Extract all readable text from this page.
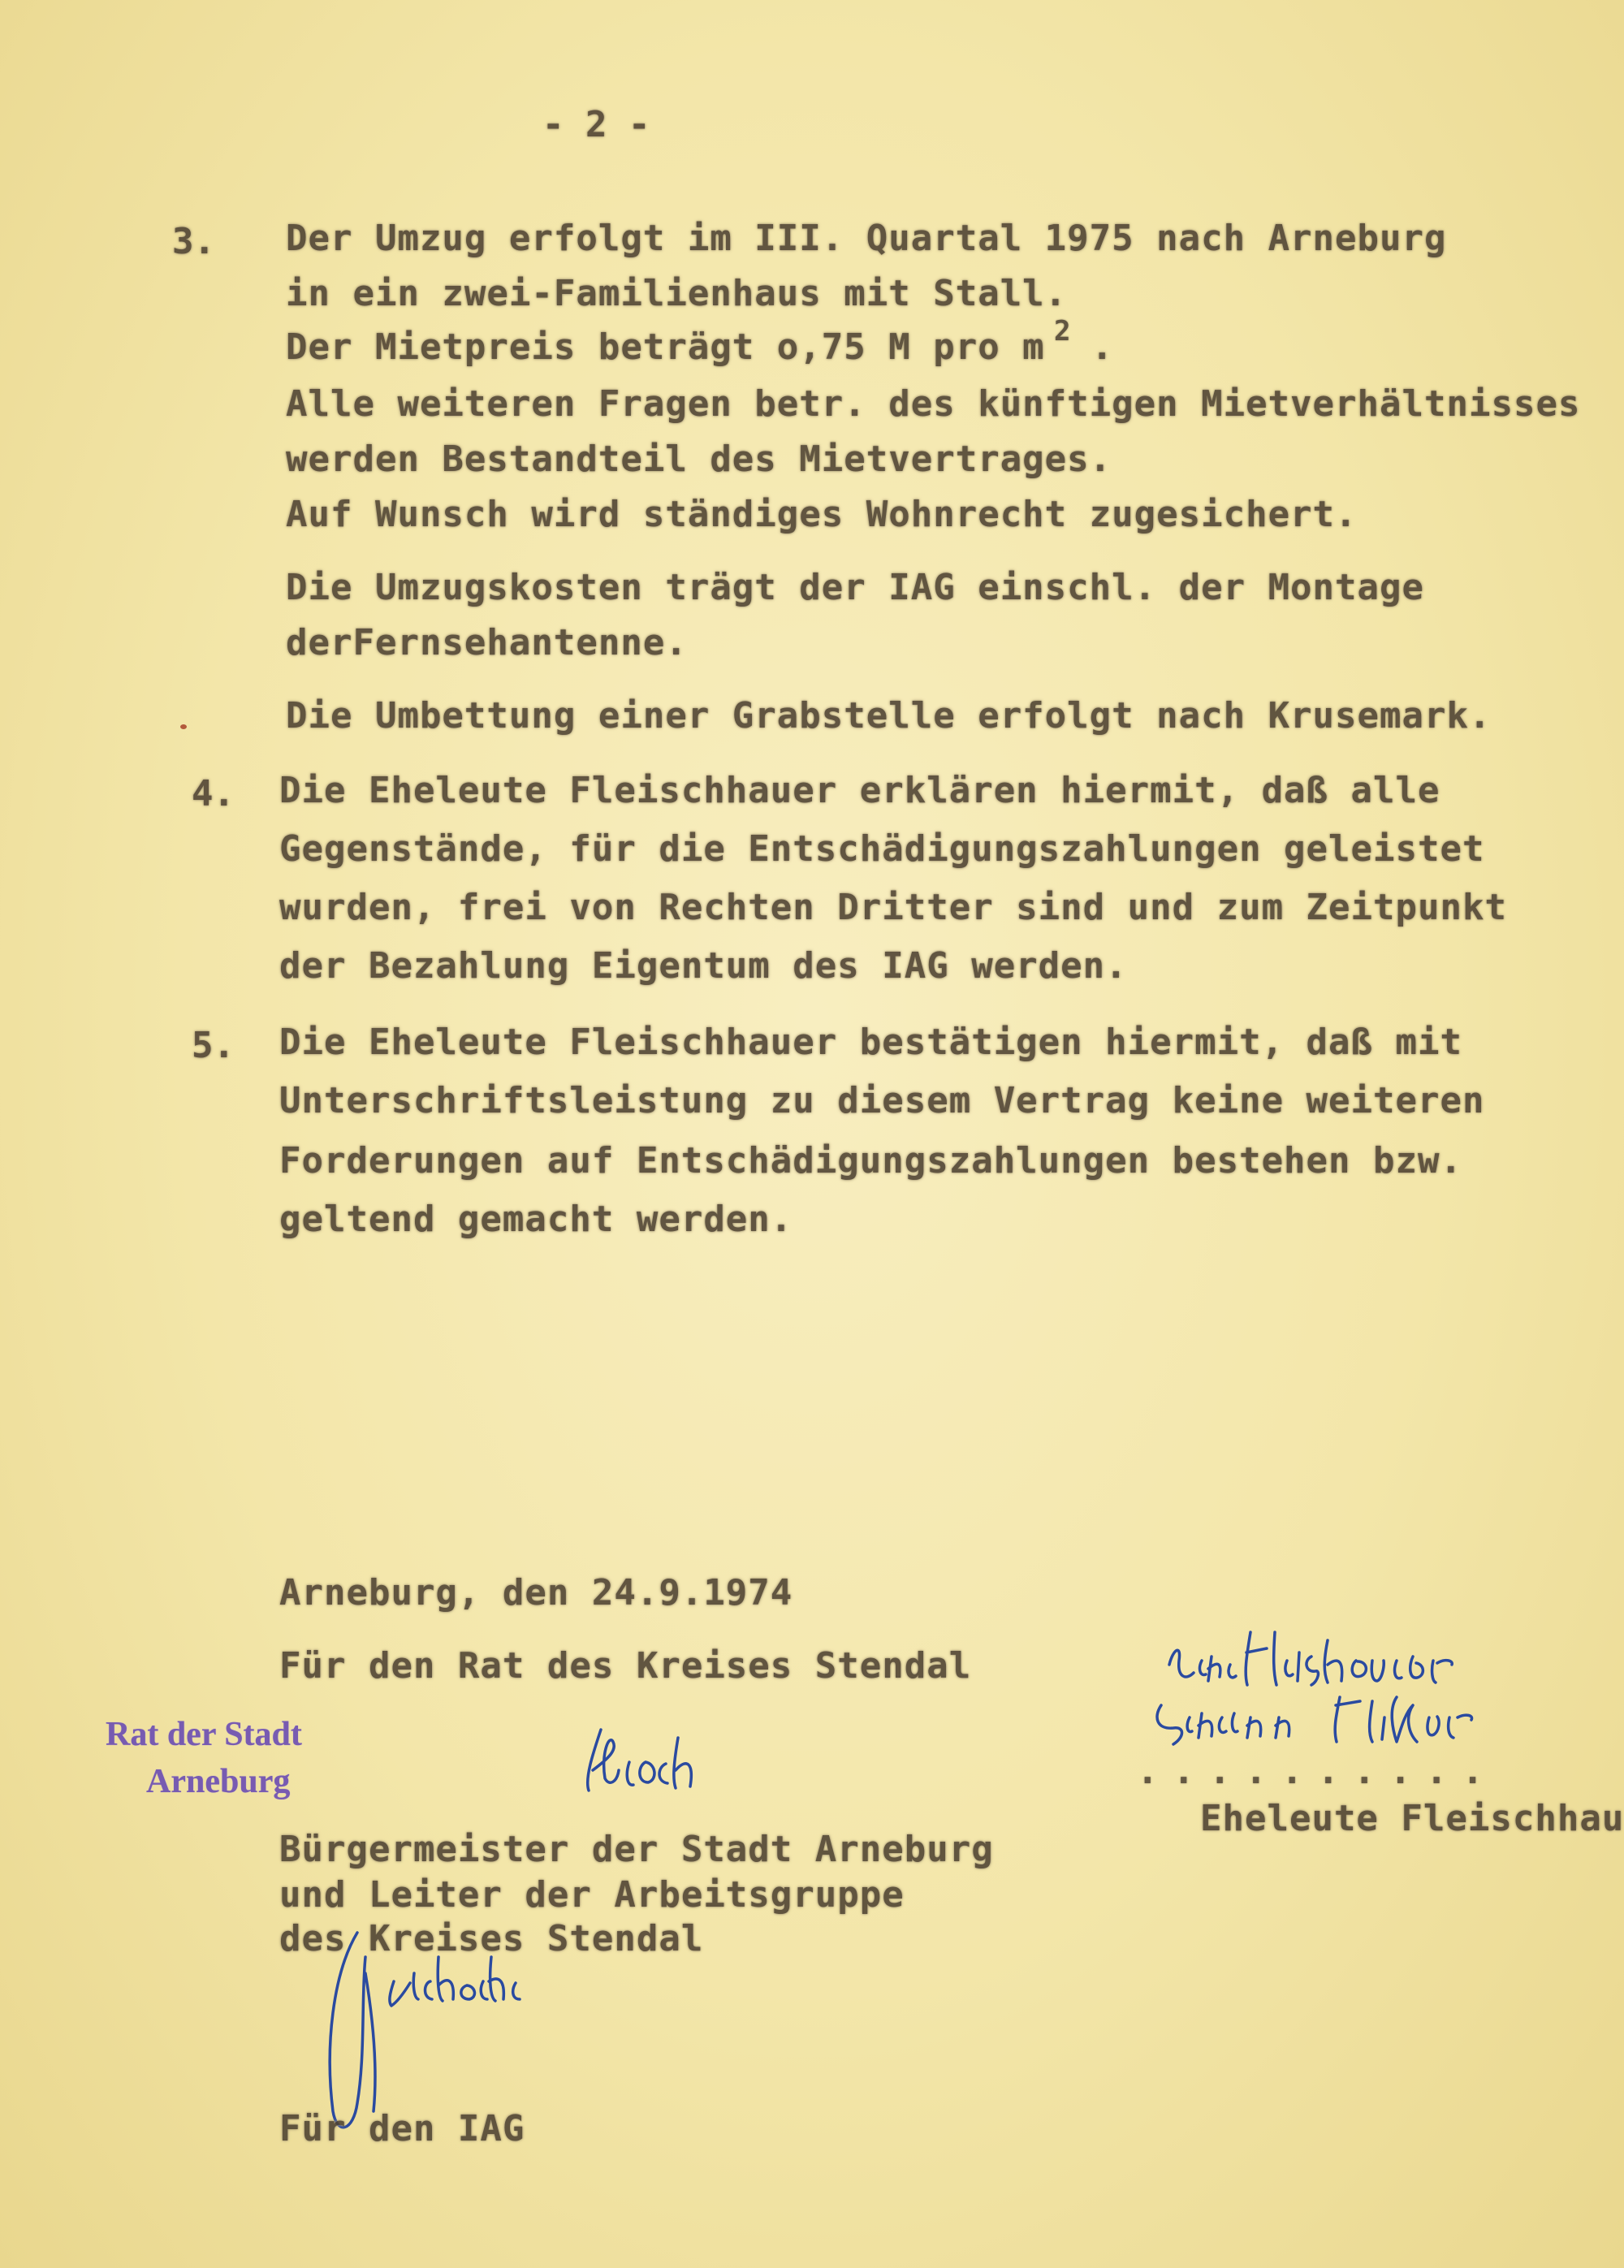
- 2 -
3. Der Umzug erfolgt im III. Quartal 1975 nach Arneburg
in ein zwei-Familienhaus mit Stall.
Der Mietpreis beträgt o,75 M pro m 2 .
Alle weiteren Fragen betr. des künftigen Mietverhältnisses
werden Bestandteil des Mietvertrages.
Auf Wunsch wird ständiges Wohnrecht zugesichert.
Die Umzugskosten trägt der IAG einschl. der Montage
derFernsehantenne.
Die Umbettung einer Grabstelle erfolgt nach Krusemark.
4. Die Eheleute Fleischhauer erklären hiermit, daß alle
Gegenstände, für die Entschädigungszahlungen geleistet
wurden, frei von Rechten Dritter sind und zum Zeitpunkt
der Bezahlung Eigentum des IAG werden.
5. Die Eheleute Fleischhauer bestätigen hiermit, daß mit
Unterschriftsleistung zu diesem Vertrag keine weiteren
Forderungen auf Entschädigungszahlungen bestehen bzw.
geltend gemacht werden.
Arneburg, den 24.9.1974
Für den Rat des Kreises Stendal
Rat der Stadt
Arneburg	..........
Eheleute Fleischhau
Bürgermeister der Stadt Arneburg
und Leiter der Arbeitsgruppe
des Kreises Stendal
Für den IAG
